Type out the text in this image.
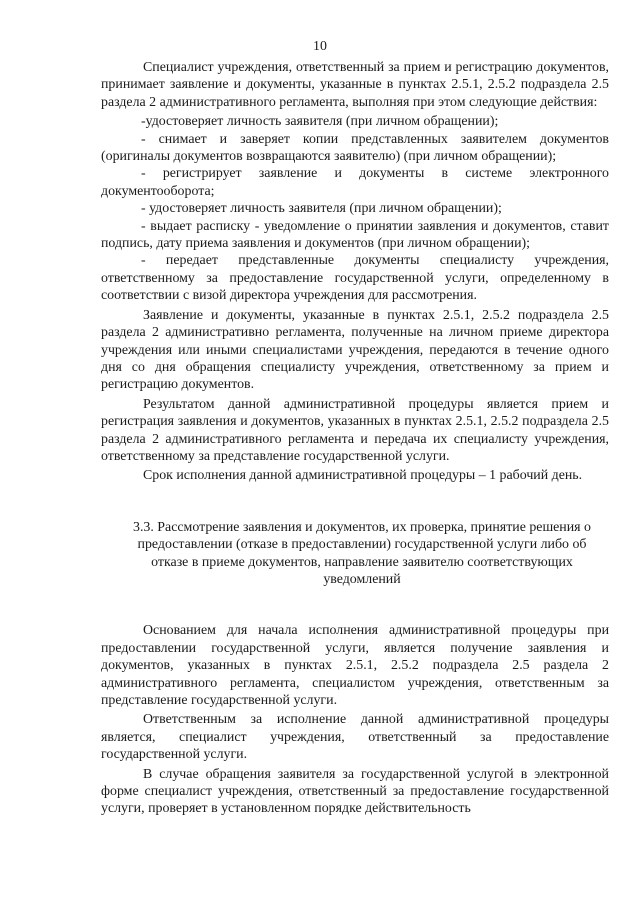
10

Специалист учреждения, ответственный за прием и регистрацию документов, принимает заявление и документы, указанные в пунктах 2.5.1, 2.5.2 подраздела 2.5 раздела 2 административного регламента, выполняя при этом следующие действия:

-удостоверяет личность заявителя (при личном обращении);

- снимает и заверяет копии представленных заявителем документов (оригиналы документов возвращаются заявителю) (при личном обращении);

- регистрирует заявление и документы в системе электронного документооборота;

- удостоверяет личность заявителя (при личном обращении);

- выдает расписку - уведомление о принятии заявления и документов, ставит подпись, дату приема заявления и документов (при личном обращении);

- передает представленные документы специалисту учреждения, ответственному за предоставление государственной услуги, определенному в соответствии с визой директора учреждения для рассмотрения.

Заявление и документы, указанные в пунктах 2.5.1, 2.5.2 подраздела 2.5 раздела 2 административно регламента, полученные на личном приеме директора учреждения или иными специалистами учреждения, передаются в течение одного дня со дня обращения специалисту учреждения, ответственному за прием и регистрацию документов.

Результатом данной административной процедуры является прием и регистрация заявления и документов, указанных в пунктах 2.5.1, 2.5.2 подраздела 2.5 раздела 2 административного регламента и передача их специалисту учреждения, ответственному за представление государственной услуги.

Срок исполнения данной административной процедуры – 1 рабочий день.

3.3. Рассмотрение заявления и документов, их проверка, принятие решения о предоставлении (отказе в предоставлении) государственной услуги либо об отказе в приеме документов, направление заявителю соответствующих уведомлений

Основанием для начала исполнения административной процедуры при предоставлении государственной услуги, является получение заявления и документов, указанных в пунктах 2.5.1, 2.5.2 подраздела 2.5 раздела 2 административного регламента, специалистом учреждения, ответственным за представление государственной услуги.

Ответственным за исполнение данной административной процедуры является, специалист учреждения, ответственный за предоставление государственной услуги.

В случае обращения заявителя за государственной услугой в электронной форме специалист учреждения, ответственный за предоставление государственной услуги, проверяет в установленном порядке действительность
